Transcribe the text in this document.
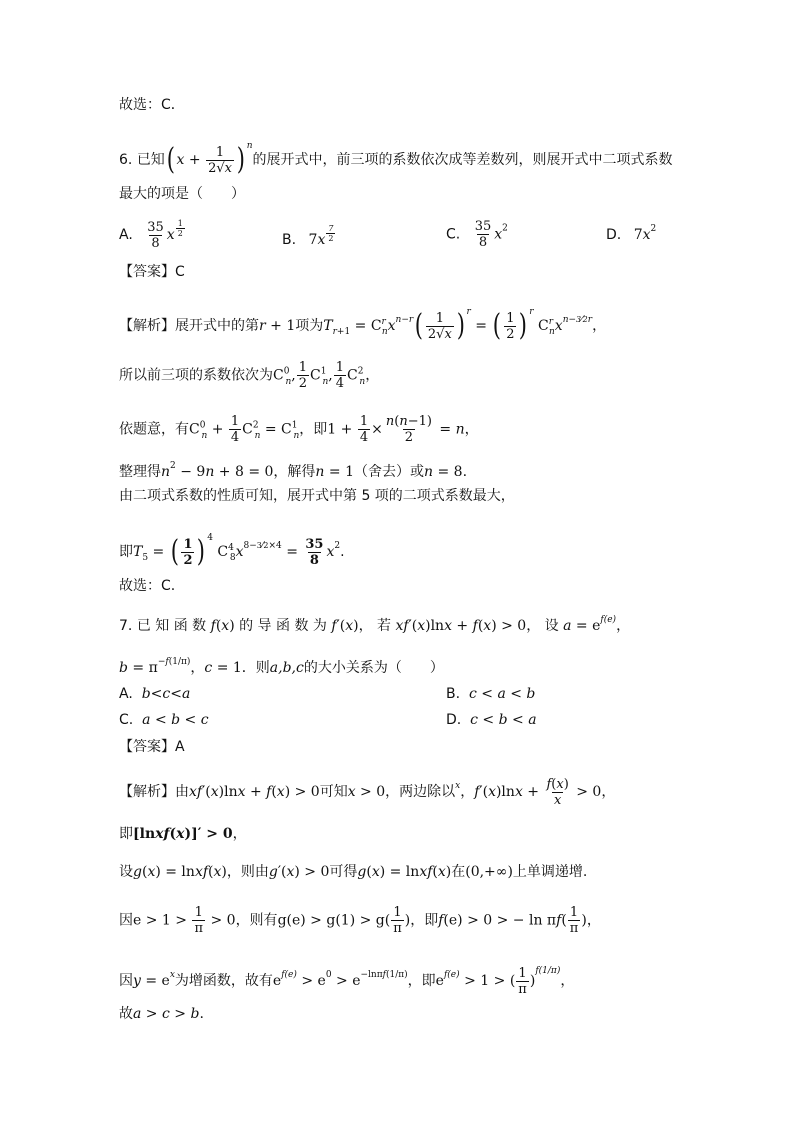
故选：C．
6. 已知( $x + \frac{1}{2√x}$ ) $^n$的展开式中，前三项的系数依次成等差数列，则展开式中二项式系数
最大的项是（　　）
A. $\frac{35}{8}$ x $^{\frac{1}{2}}$
B. 7x $^{\frac{7}{2}}$	C. $\frac{35}{8} x^2$	D. $7x^2$
【答案】C
【解析】展开式中的第r + 1项为$T_{r+1} = C^r_nx^{n-r}( \frac{1}{2√x}$ ) $^r$ = ( $\frac{1}{2}$ ) $^r$ $C^r_nx^{n-3⁄2r}$，
所以前三项的系数依次为$C^0_n$, $\frac{1}{2} C^1_n$, $\frac{1}{4} C^2_n$，
依题意，有$C^0_n + \frac{1}{4} C^2_n = C^1_n$，即$1 + \frac{1}{4} \times \frac{n(n-1)}{2} = n$，
整理得$n^2 - 9n + 8 = 0$，解得n = 1（舍去）或n = 8.
由二项式系数的性质可知，展开式中第 5 项的二项式系数最大，
即$T_5$ = ( $\frac{1}{2}$ ) $^4$ $C^4_8x^{8-3⁄2\times 4} = \frac{35}{8} x^2$.
故选：C.
7. 已 知 函 数 f(x) 的 导 函 数 为 f′(x)， 若 xf′(x)lnx + f(x) > 0， 设 $a = e^{f(e)}$，
$b = \pi^{-f(1/\pi)}$，c = 1．则a,b,c的大小关系为（　　）
A. b<c<a	B. c < a < b
C. a < b < c	D. c < b < a
【答案】A
【解析】由xf′(x)lnx + f(x) > 0可知x > 0，两边除以$^x$，$f'(x)\ln x + \frac{f(x)}{x} > 0$，
即[lnxf(x)]′ > 0，
设g(x) = lnxf(x)，则由g′(x) > 0可得g(x) = lnxf(x)在(0,+∞)上单调递增.
因$e > 1 > \frac{1}{\pi} > 0$，则有$g(e) > g(1) > g( \frac{1}{\pi}$ )，即f(e) > 0 > − $\ln \pi f( \frac{1}{\pi}$ )，
因$y = e^x$为增函数，故有$e^{f(e)} > e^0 > e^{-ln\pi f(1/\pi)}$，即$e^{f(e)} > 1$ > ( $\frac{1}{\pi} )^{f(1/\pi)}$，
故a > c > b.
